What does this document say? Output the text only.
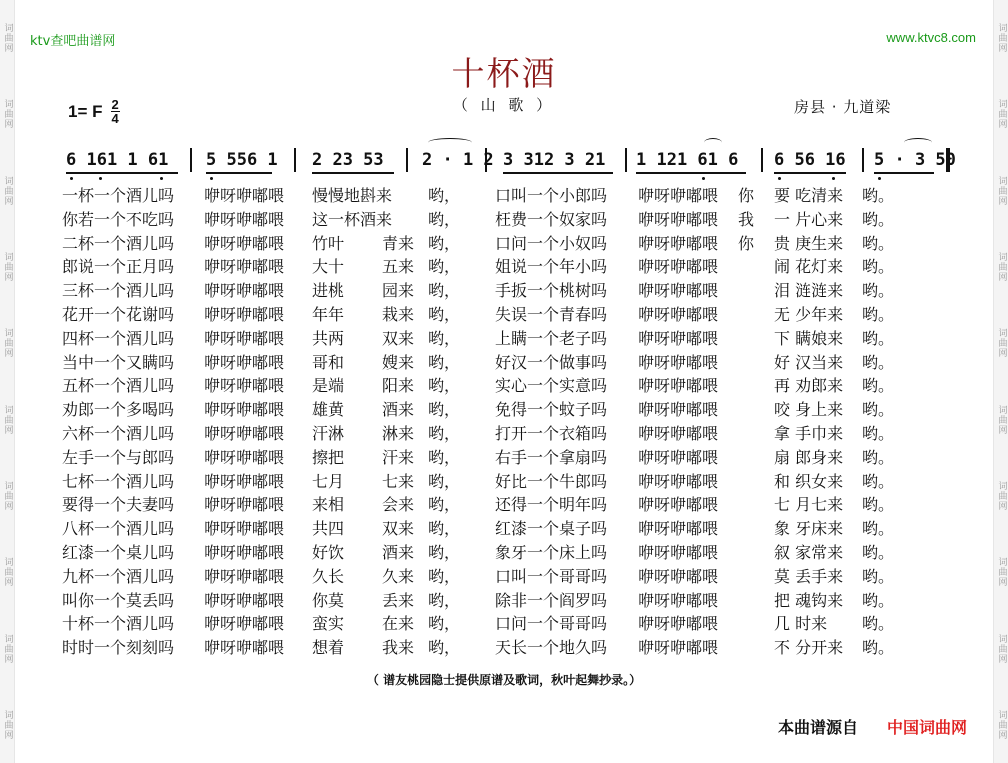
词曲网
词曲网
词曲网
词曲网
词曲网
词曲网
词曲网
词曲网
词曲网
词曲网
词曲网
词曲网
词曲网
词曲网
词曲网
词曲网
词曲网
词曲网
词曲网
词曲网
ktv查吧曲谱网	www.ktvc8.com
十杯酒
1= F $\frac{2}{4}$	（ 山 歌 ）	房县 · 九道梁
6 161 1 61 5 556 1 2 23 53 2 · 1 2 3 312 3 21 1 121 61 6 6 56 16 5 · 3 50
一杯一个酒儿吗 咿呀咿嘟喂 慢慢地斟来 哟， 口叫一个小郎吗 咿呀咿嘟喂 你 要 吃清来 哟。
你若一个不吃吗 咿呀咿嘟喂 这一杯酒来 哟， 枉费一个奴家吗 咿呀咿嘟喂 我 一 片心来 哟。
二杯一个酒儿吗 咿呀咿嘟喂 竹叶 青来 哟， 口问一个小奴吗 咿呀咿嘟喂 你 贵 庚生来 哟。
郎说一个正月吗 咿呀咿嘟喂 大十 五来 哟， 姐说一个年小吗 咿呀咿嘟喂	闹 花灯来 哟。
三杯一个酒儿吗 咿呀咿嘟喂 进桃 园来 哟， 手扳一个桃树吗 咿呀咿嘟喂	泪 涟涟来 哟。
花开一个花谢吗 咿呀咿嘟喂 年年 栽来 哟， 失误一个青春吗 咿呀咿嘟喂	无 少年来 哟。
四杯一个酒儿吗 咿呀咿嘟喂 共两 双来 哟， 上瞒一个老子吗 咿呀咿嘟喂	下 瞒娘来 哟。
当中一个又瞒吗 咿呀咿嘟喂 哥和 嫂来 哟， 好汉一个做事吗 咿呀咿嘟喂	好 汉当来 哟。
五杯一个酒儿吗 咿呀咿嘟喂 是端 阳来 哟， 实心一个实意吗 咿呀咿嘟喂	再 劝郎来 哟。
劝郎一个多喝吗 咿呀咿嘟喂 雄黄 酒来 哟， 免得一个蚊子吗 咿呀咿嘟喂	咬 身上来 哟。
六杯一个酒儿吗 咿呀咿嘟喂 汗淋 淋来 哟， 打开一个衣箱吗 咿呀咿嘟喂	拿 手巾来 哟。
左手一个与郎吗 咿呀咿嘟喂 擦把 汗来 哟， 右手一个拿扇吗 咿呀咿嘟喂	扇 郎身来 哟。
七杯一个酒儿吗 咿呀咿嘟喂 七月 七来 哟， 好比一个牛郎吗 咿呀咿嘟喂	和 织女来 哟。
要得一个夫妻吗 咿呀咿嘟喂 来相 会来 哟， 还得一个明年吗 咿呀咿嘟喂	七 月七来 哟。
八杯一个酒儿吗 咿呀咿嘟喂 共四 双来 哟， 红漆一个桌子吗 咿呀咿嘟喂	象 牙床来 哟。
红漆一个桌儿吗 咿呀咿嘟喂 好饮 酒来 哟， 象牙一个床上吗 咿呀咿嘟喂	叙 家常来 哟。
九杯一个酒儿吗 咿呀咿嘟喂 久长 久来 哟， 口叫一个哥哥吗 咿呀咿嘟喂	莫 丢手来 哟。
叫你一个莫丢吗 咿呀咿嘟喂 你莫 丢来 哟， 除非一个阎罗吗 咿呀咿嘟喂	把 魂钩来 哟。
十杯一个酒儿吗 咿呀咿嘟喂 蛮实 在来 哟， 口问一个哥哥吗 咿呀咿嘟喂	几 时来 哟。
时时一个刻刻吗 咿呀咿嘟喂 想着 我来 哟， 天长一个地久吗 咿呀咿嘟喂	不 分开来 哟。
（ 谱友桃园隐士提供原谱及歌词，秋叶起舞抄录。）
本曲谱源自 中国词曲网
